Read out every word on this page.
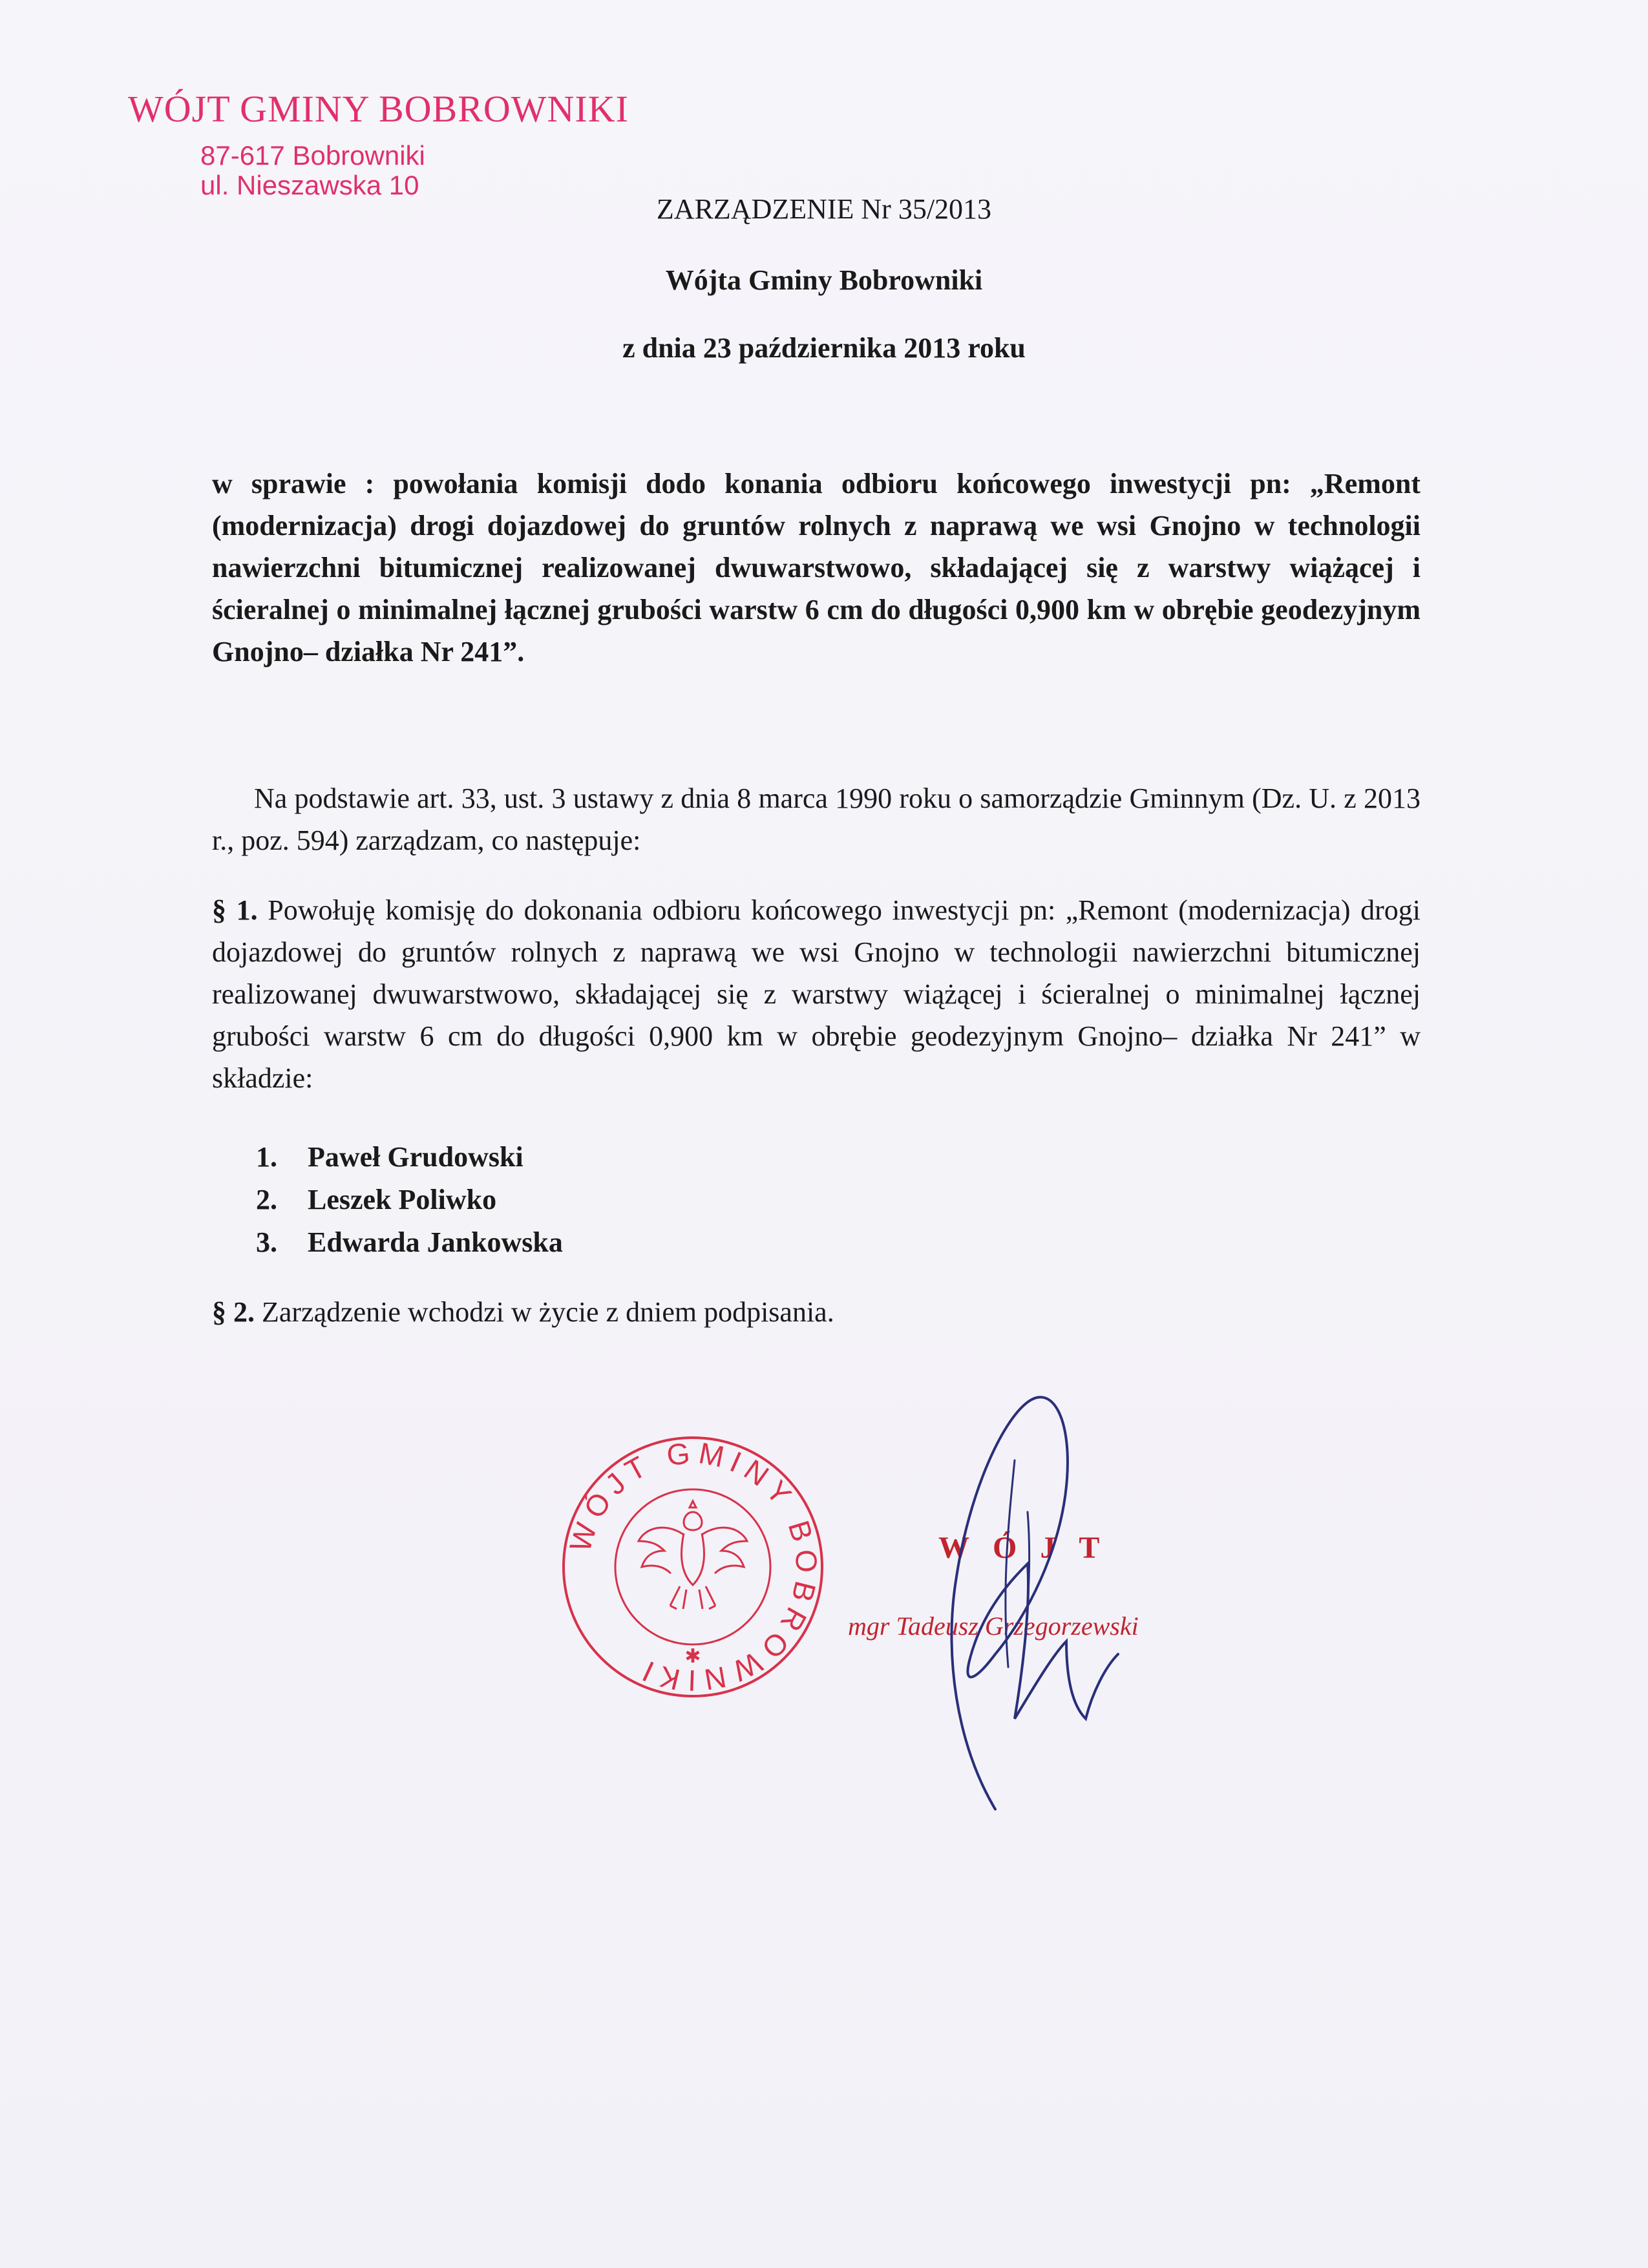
WÓJT GMINY BOBROWNIKI
87-617 Bobrowniki
ul. Nieszawska 10
ZARZĄDZENIE Nr 35/2013
Wójta Gminy Bobrowniki
z dnia 23 października 2013 roku
w sprawie : powołania komisji dodo konania odbioru końcowego inwestycji pn: „Remont (modernizacja) drogi dojazdowej do gruntów rolnych z naprawą we wsi Gnojno w technologii nawierzchni bitumicznej realizowanej dwuwarstwowo, składającej się z warstwy wiążącej i ścieralnej o minimalnej łącznej grubości warstw 6 cm do długości 0,900 km w obrębie geodezyjnym Gnojno– działka Nr 241”.
Na podstawie art. 33, ust. 3 ustawy z dnia 8 marca 1990 roku o samorządzie Gminnym (Dz. U. z 2013 r., poz. 594) zarządzam, co następuje:
§ 1. Powołuję komisję do dokonania odbioru końcowego inwestycji pn: „Remont (modernizacja) drogi dojazdowej do gruntów rolnych z naprawą we wsi Gnojno w technologii nawierzchni bitumicznej realizowanej dwuwarstwowo, składającej się z warstwy wiążącej i ścieralnej o minimalnej łącznej grubości warstw 6 cm do długości 0,900 km w obrębie geodezyjnym Gnojno– działka Nr 241” w składzie:
1. Paweł Grudowski
2. Leszek Poliwko
3. Edwarda Jankowska
§ 2. Zarządzenie wchodzi w życie z dniem podpisania.
WÓJT GMINY BOBROWNIKI	✱
WÓJT
mgr Tadeusz Grzegorzewski
